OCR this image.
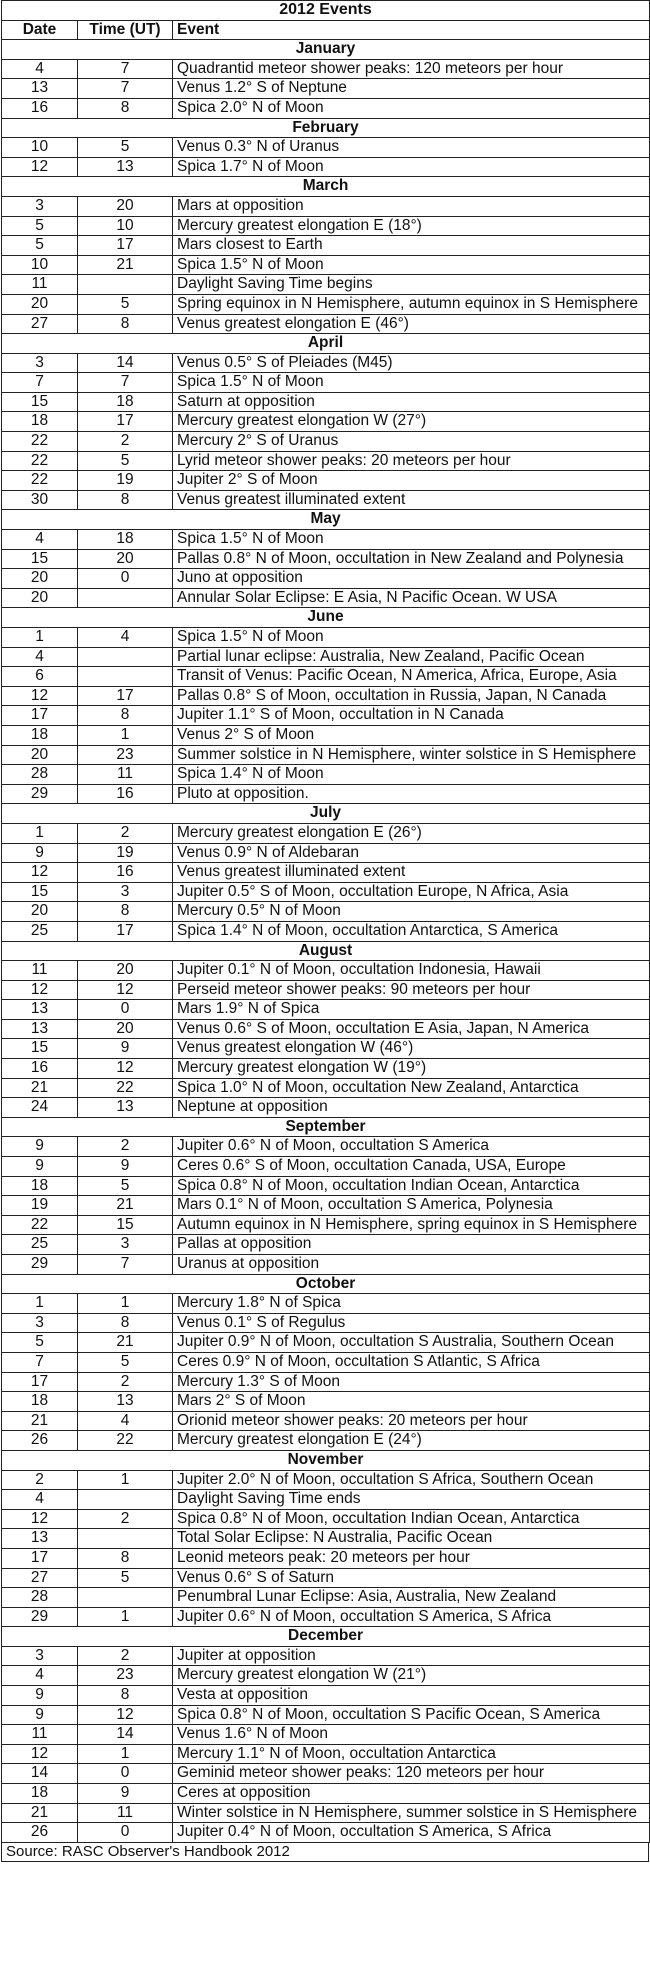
2012 Events		
Date	Time (UT)	Event
January		
4	7	Quadrantid meteor shower peaks: 120 meteors per hour
13	7	Venus 1.2° S of Neptune
16	8	Spica 2.0° N of Moon
February		
10	5	Venus 0.3° N of Uranus
12	13	Spica 1.7° N of Moon
March		
3	20	Mars at opposition
5	10	Mercury greatest elongation E (18°)
5	17	Mars closest to Earth
10	21	Spica 1.5° N of Moon
11		Daylight Saving Time begins
20	5	Spring equinox in N Hemisphere, autumn equinox in S Hemisphere
27	8	Venus greatest elongation E (46°)
April		
3	14	Venus 0.5° S of Pleiades (M45)
7	7	Spica 1.5° N of Moon
15	18	Saturn at opposition
18	17	Mercury greatest elongation W (27°)
22	2	Mercury 2° S of Uranus
22	5	Lyrid meteor shower peaks: 20 meteors per hour
22	19	Jupiter 2° S of Moon
30	8	Venus greatest illuminated extent
May		
4	18	Spica 1.5° N of Moon
15	20	Pallas 0.8° N of Moon, occultation in New Zealand and Polynesia
20	0	Juno at opposition
20		Annular Solar Eclipse: E Asia, N Pacific Ocean. W USA
June		
1	4	Spica 1.5° N of Moon
4		Partial lunar eclipse: Australia, New Zealand, Pacific Ocean
6		Transit of Venus: Pacific Ocean, N America, Africa, Europe, Asia
12	17	Pallas 0.8° S of Moon, occultation in Russia, Japan, N Canada
17	8	Jupiter 1.1° S of Moon, occultation in N Canada
18	1	Venus 2° S of Moon
20	23	Summer solstice in N Hemisphere, winter solstice in S Hemisphere
28	11	Spica 1.4° N of Moon
29	16	Pluto at opposition.
July		
1	2	Mercury greatest elongation E (26°)
9	19	Venus 0.9° N of Aldebaran
12	16	Venus greatest illuminated extent
15	3	Jupiter 0.5° S of Moon, occultation Europe, N Africa, Asia
20	8	Mercury 0.5° N of Moon
25	17	Spica 1.4° N of Moon, occultation Antarctica, S America
August		
11	20	Jupiter 0.1° N of Moon, occultation Indonesia, Hawaii
12	12	Perseid meteor shower peaks: 90 meteors per hour
13	0	Mars 1.9° N of Spica
13	20	Venus 0.6° S of Moon, occultation E Asia, Japan, N America
15	9	Venus greatest elongation W (46°)
16	12	Mercury greatest elongation W (19°)
21	22	Spica 1.0° N of Moon, occultation New Zealand, Antarctica
24	13	Neptune at opposition
September		
9	2	Jupiter 0.6° N of Moon, occultation S America
9	9	Ceres 0.6° S of Moon, occultation Canada, USA, Europe
18	5	Spica 0.8° N of Moon, occultation Indian Ocean, Antarctica
19	21	Mars 0.1° N of Moon, occultation S America, Polynesia
22	15	Autumn equinox in N Hemisphere, spring equinox in S Hemisphere
25	3	Pallas at opposition
29	7	Uranus at opposition
October		
1	1	Mercury 1.8° N of Spica
3	8	Venus 0.1° S of Regulus
5	21	Jupiter 0.9° N of Moon, occultation S Australia, Southern Ocean
7	5	Ceres 0.9° N of Moon, occultation S Atlantic, S Africa
17	2	Mercury 1.3° S of Moon
18	13	Mars 2° S of Moon
21	4	Orionid meteor shower peaks: 20 meteors per hour
26	22	Mercury greatest elongation E (24°)
November		
2	1	Jupiter 2.0° N of Moon, occultation S Africa, Southern Ocean
4		Daylight Saving Time ends
12	2	Spica 0.8° N of Moon, occultation Indian Ocean, Antarctica
13		Total Solar Eclipse: N Australia, Pacific Ocean
17	8	Leonid meteors peak: 20 meteors per hour
27	5	Venus 0.6° S of Saturn
28		Penumbral Lunar Eclipse: Asia, Australia, New Zealand
29	1	Jupiter 0.6° N of Moon, occultation S America, S Africa
December		
3	2	Jupiter at opposition
4	23	Mercury greatest elongation W (21°)
9	8	Vesta at opposition
9	12	Spica 0.8° N of Moon, occultation S Pacific Ocean, S America
11	14	Venus 1.6° N of Moon
12	1	Mercury 1.1° N of Moon, occultation Antarctica
14	0	Geminid meteor shower peaks: 120 meteors per hour
18	9	Ceres at opposition
21	11	Winter solstice in N Hemisphere, summer solstice in S Hemisphere
26	0	Jupiter 0.4° N of Moon, occultation S America, S Africa
Source: RASC Observer's Handbook 2012
